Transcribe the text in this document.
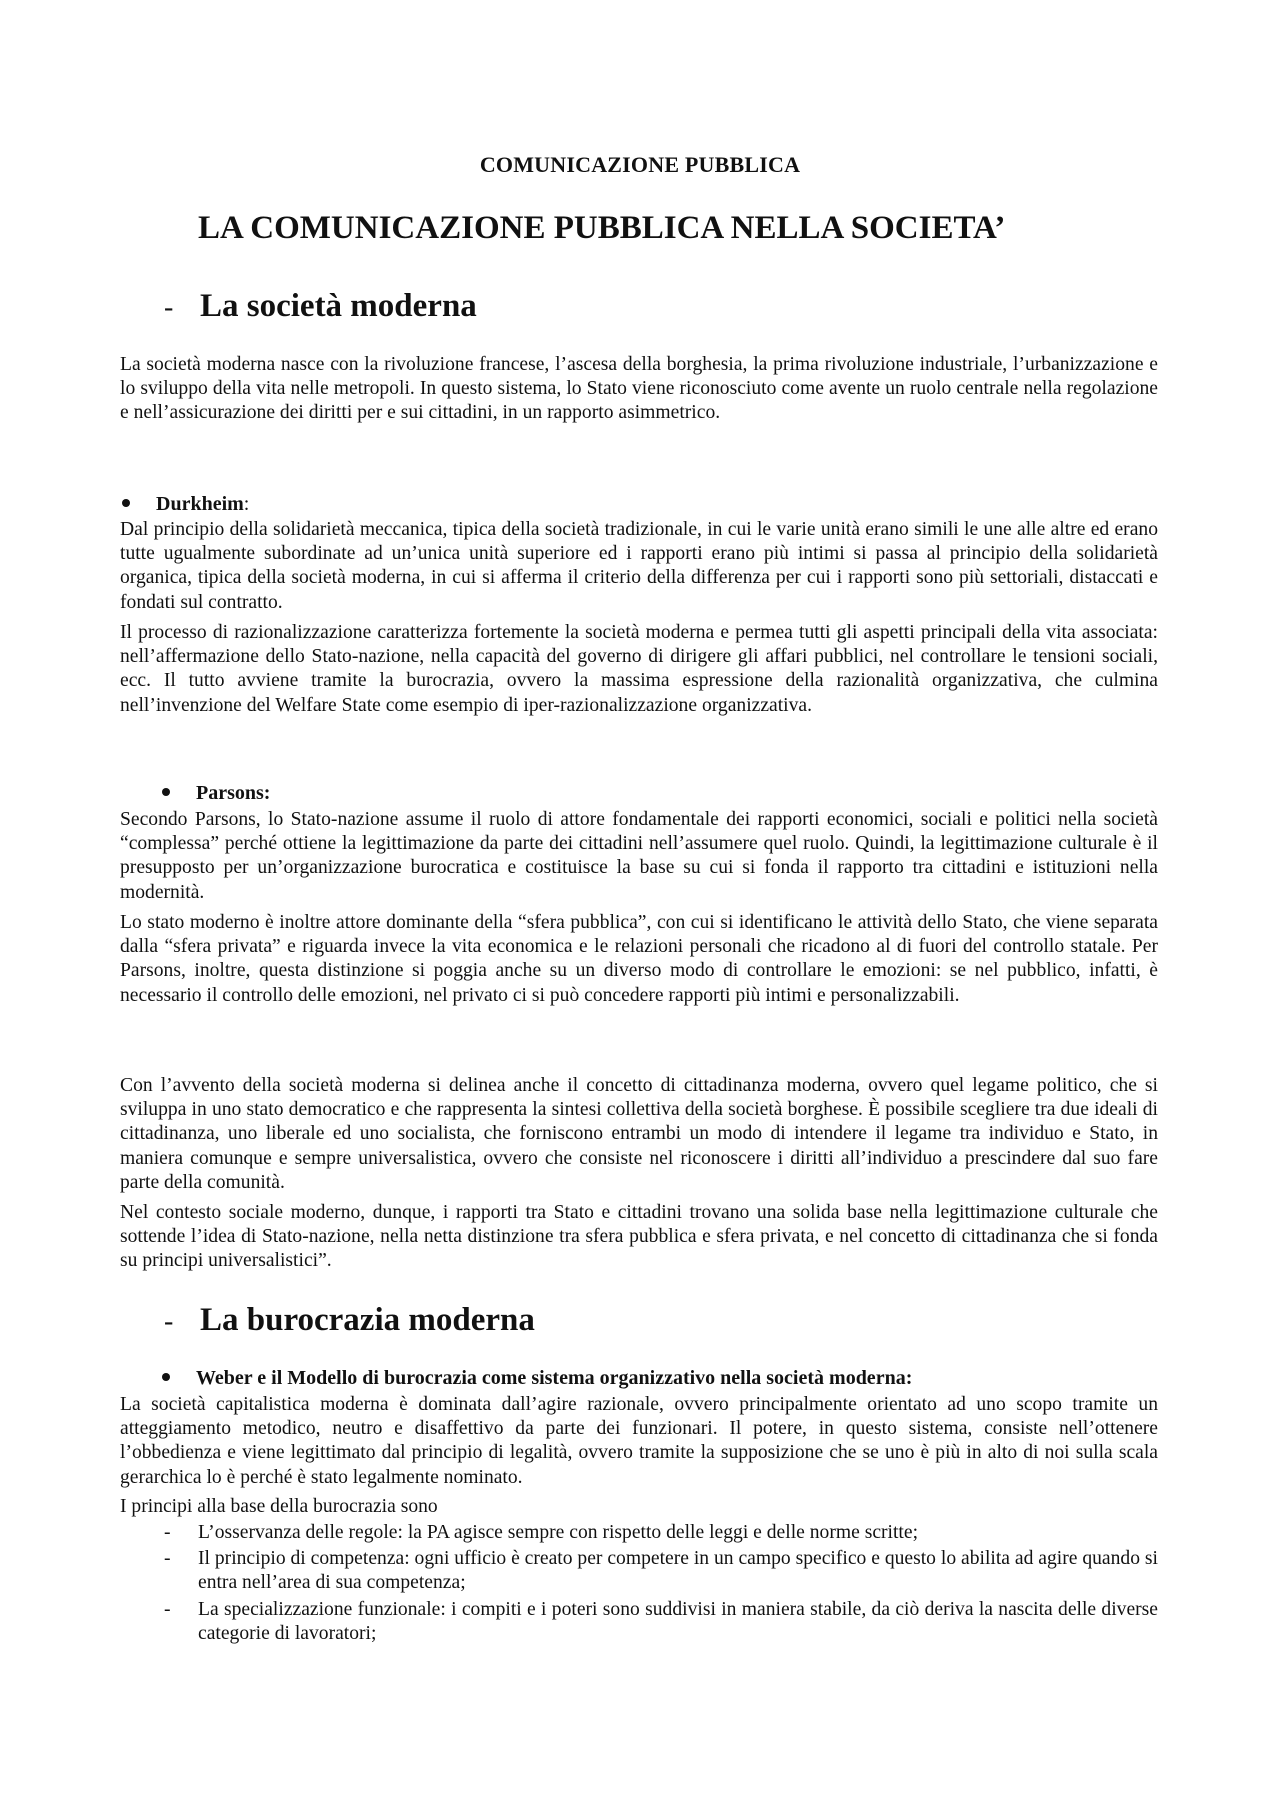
COMUNICAZIONE PUBBLICA
LA COMUNICAZIONE PUBBLICA NELLA SOCIETA’
- La società moderna

La società moderna nasce con la rivoluzione francese, l’ascesa della borghesia, la prima rivoluzione industriale, l’urbanizzazione e lo sviluppo della vita nelle metropoli. In questo sistema, lo Stato viene riconosciuto come avente un ruolo centrale nella regolazione e nell’assicurazione dei diritti per e sui cittadini, in un rapporto asimmetrico.

Durkheim:

Dal principio della solidarietà meccanica, tipica della società tradizionale, in cui le varie unità erano simili le une alle altre ed erano tutte ugualmente subordinate ad un’unica unità superiore ed i rapporti erano più intimi si passa al principio della solidarietà organica, tipica della società moderna, in cui si afferma il criterio della differenza per cui i rapporti sono più settoriali, distaccati e fondati sul contratto.

Il processo di razionalizzazione caratterizza fortemente la società moderna e permea tutti gli aspetti principali della vita associata: nell’affermazione dello Stato-nazione, nella capacità del governo di dirigere gli affari pubblici, nel controllare le tensioni sociali, ecc. Il tutto avviene tramite la burocrazia, ovvero la massima espressione della razionalità organizzativa, che culmina nell’invenzione del Welfare State come esempio di iper-razionalizzazione organizzativa.

Parsons:

Secondo Parsons, lo Stato-nazione assume il ruolo di attore fondamentale dei rapporti economici, sociali e politici nella società “complessa” perché ottiene la legittimazione da parte dei cittadini nell’assumere quel ruolo. Quindi, la legittimazione culturale è il presupposto per un’organizzazione burocratica e costituisce la base su cui si fonda il rapporto tra cittadini e istituzioni nella modernità.

Lo stato moderno è inoltre attore dominante della “sfera pubblica”, con cui si identificano le attività dello Stato, che viene separata dalla “sfera privata” e riguarda invece la vita economica e le relazioni personali che ricadono al di fuori del controllo statale. Per Parsons, inoltre, questa distinzione si poggia anche su un diverso modo di controllare le emozioni: se nel pubblico, infatti, è necessario il controllo delle emozioni, nel privato ci si può concedere rapporti più intimi e personalizzabili.

Con l’avvento della società moderna si delinea anche il concetto di cittadinanza moderna, ovvero quel legame politico, che si sviluppa in uno stato democratico e che rappresenta la sintesi collettiva della società borghese. È possibile scegliere tra due ideali di cittadinanza, uno liberale ed uno socialista, che forniscono entrambi un modo di intendere il legame tra individuo e Stato, in maniera comunque e sempre universalistica, ovvero che consiste nel riconoscere i diritti all’individuo a prescindere dal suo fare parte della comunità.

Nel contesto sociale moderno, dunque, i rapporti tra Stato e cittadini trovano una solida base nella legittimazione culturale che sottende l’idea di Stato-nazione, nella netta distinzione tra sfera pubblica e sfera privata, e nel concetto di cittadinanza che si fonda su principi universalistici”.

- La burocrazia moderna
Weber e il Modello di burocrazia come sistema organizzativo nella società moderna:

La società capitalistica moderna è dominata dall’agire razionale, ovvero principalmente orientato ad uno scopo tramite un atteggiamento metodico, neutro e disaffettivo da parte dei funzionari. Il potere, in questo sistema, consiste nell’ottenere l’obbedienza e viene legittimato dal principio di legalità, ovvero tramite la supposizione che se uno è più in alto di noi sulla scala gerarchica lo è perché è stato legalmente nominato.

I principi alla base della burocrazia sono

- L’osservanza delle regole: la PA agisce sempre con rispetto delle leggi e delle norme scritte;
- Il principio di competenza: ogni ufficio è creato per competere in un campo specifico e questo lo abilita ad agire quando si entra nell’area di sua competenza;
- La specializzazione funzionale: i compiti e i poteri sono suddivisi in maniera stabile, da ciò deriva la nascita delle diverse categorie di lavoratori;
